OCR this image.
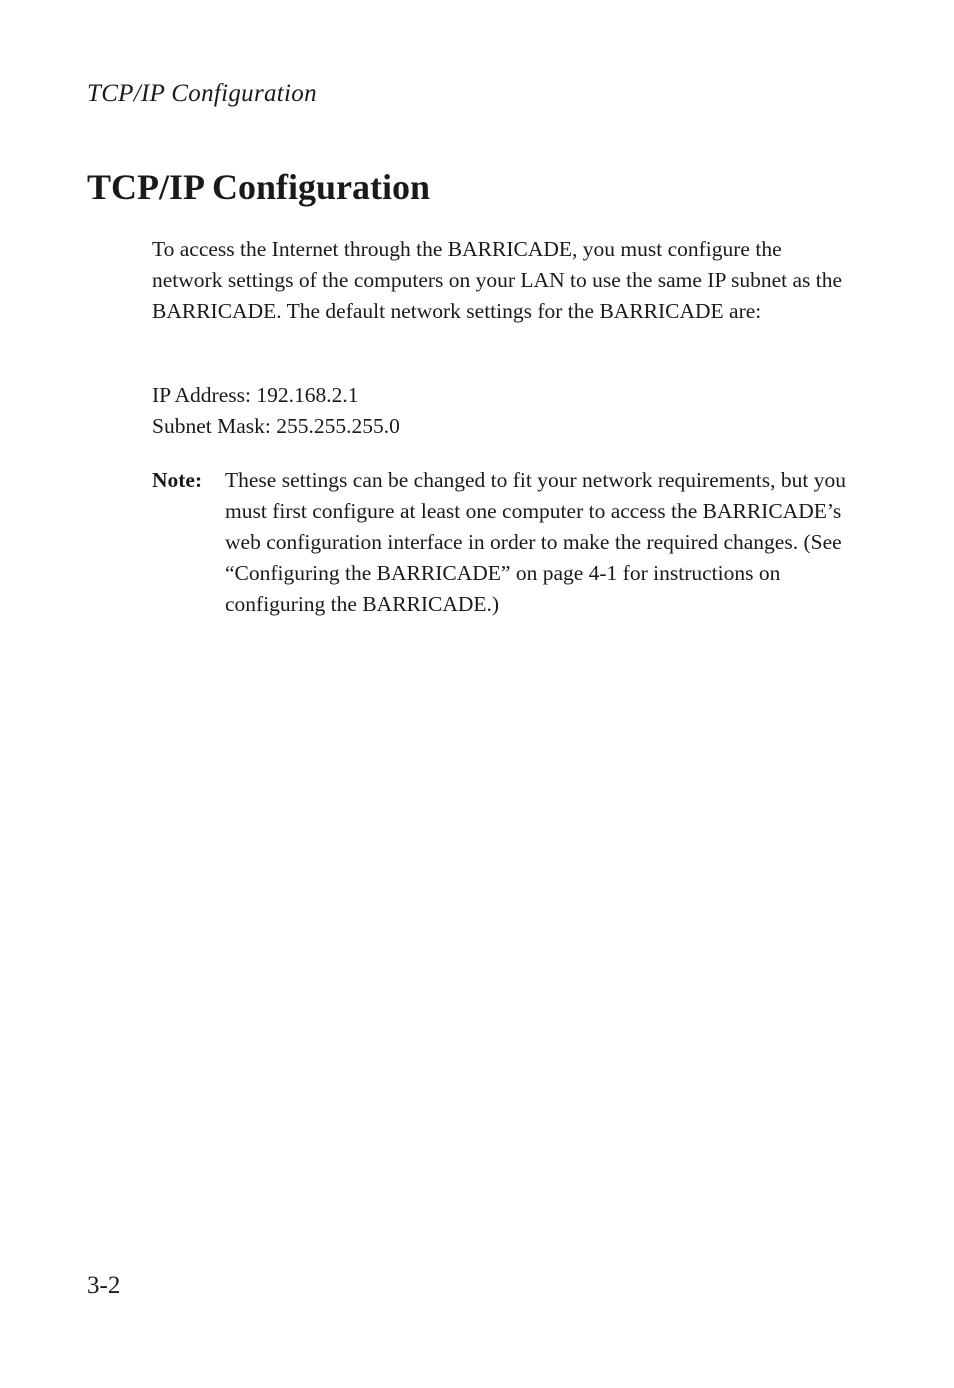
TCP/IP Configuration
TCP/IP Configuration

To access the Internet through the BARRICADE, you must configure the network settings of the computers on your LAN to use the same IP subnet as the BARRICADE. The default network settings for the BARRICADE are:

IP Address: 192.168.2.1
Subnet Mask: 255.255.255.0
Note:	These settings can be changed to fit your network requirements, but you must first configure at least one computer to access the BARRICADE’s web configuration interface in order to make the required changes. (See “Configuring the BARRICADE” on page 4-1 for instructions on configuring the BARRICADE.)
3-2
